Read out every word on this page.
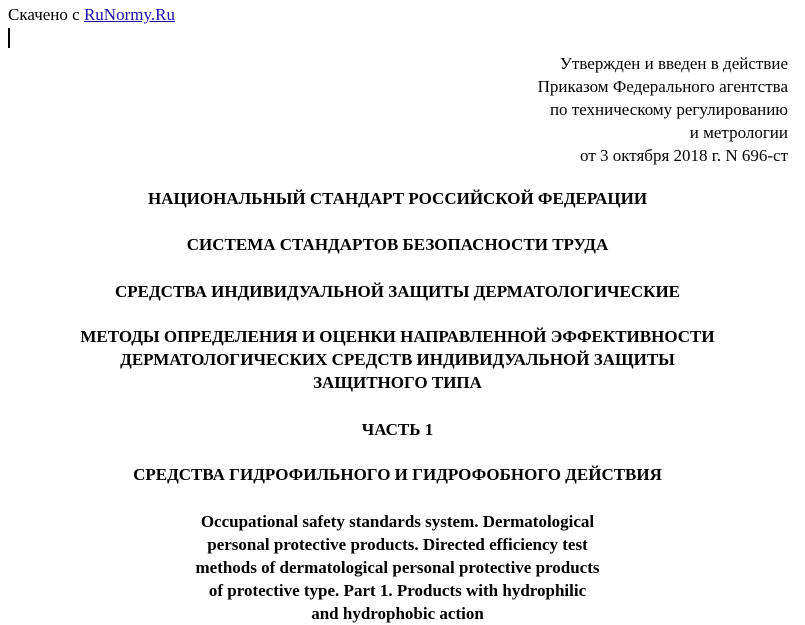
Скачено с RuNormy.Ru
Утвержден и введен в действие
Приказом Федерального агентства
по техническому регулированию
и метрологии
от 3 октября 2018 г. N 696-ст
НАЦИОНАЛЬНЫЙ СТАНДАРТ РОССИЙСКОЙ ФЕДЕРАЦИИ
СИСТЕМА СТАНДАРТОВ БЕЗОПАСНОСТИ ТРУДА
СРЕДСТВА ИНДИВИДУАЛЬНОЙ ЗАЩИТЫ ДЕРМАТОЛОГИЧЕСКИЕ
МЕТОДЫ ОПРЕДЕЛЕНИЯ И ОЦЕНКИ НАПРАВЛЕННОЙ ЭФФЕКТИВНОСТИ
ДЕРМАТОЛОГИЧЕСКИХ СРЕДСТВ ИНДИВИДУАЛЬНОЙ ЗАЩИТЫ
ЗАЩИТНОГО ТИПА
ЧАСТЬ 1
СРЕДСТВА ГИДРОФИЛЬНОГО И ГИДРОФОБНОГО ДЕЙСТВИЯ
Occupational safety standards system. Dermatological
personal protective products. Directed efficiency test
methods of dermatological personal protective products
of protective type. Part 1. Products with hydrophilic
and hydrophobic action
